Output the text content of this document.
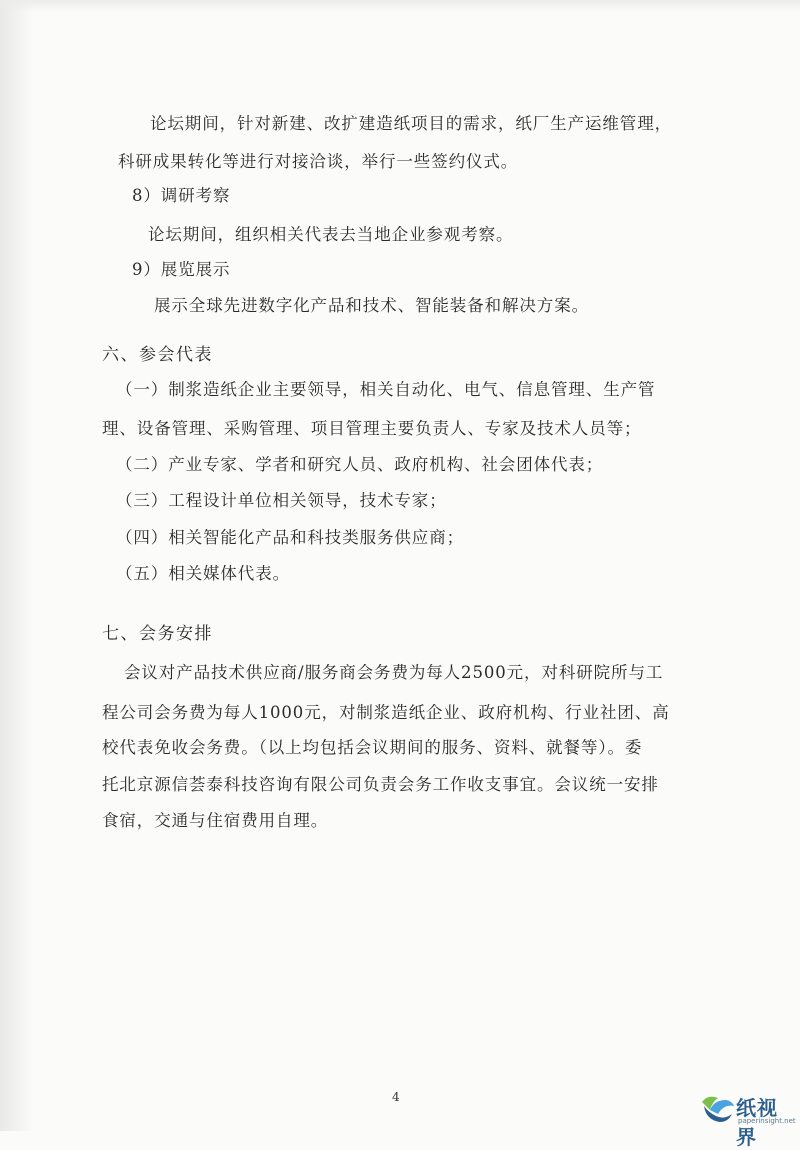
论坛期间，针对新建、改扩建造纸项目的需求，纸厂生产运维管理，
科研成果转化等进行对接洽谈，举行一些签约仪式。
8）调研考察
论坛期间，组织相关代表去当地企业参观考察。
9）展览展示
展示全球先进数字化产品和技术、智能装备和解决方案。
六、参会代表
（一）制浆造纸企业主要领导，相关自动化、电气、信息管理、生产管
理、设备管理、采购管理、项目管理主要负责人、专家及技术人员等；
（二）产业专家、学者和研究人员、政府机构、社会团体代表；
（三）工程设计单位相关领导，技术专家；
（四）相关智能化产品和科技类服务供应商；
（五）相关媒体代表。
七、会务安排
会议对产品技术供应商/服务商会务费为每人2500元，对科研院所与工
程公司会务费为每人1000元，对制浆造纸企业、政府机构、行业社团、高
校代表免收会务费。（以上均包括会议期间的服务、资料、就餐等）。委
托北京源信荟泰科技咨询有限公司负责会务工作收支事宜。会议统一安排
食宿，交通与住宿费用自理。
4	纸视界
paperinsight.net
